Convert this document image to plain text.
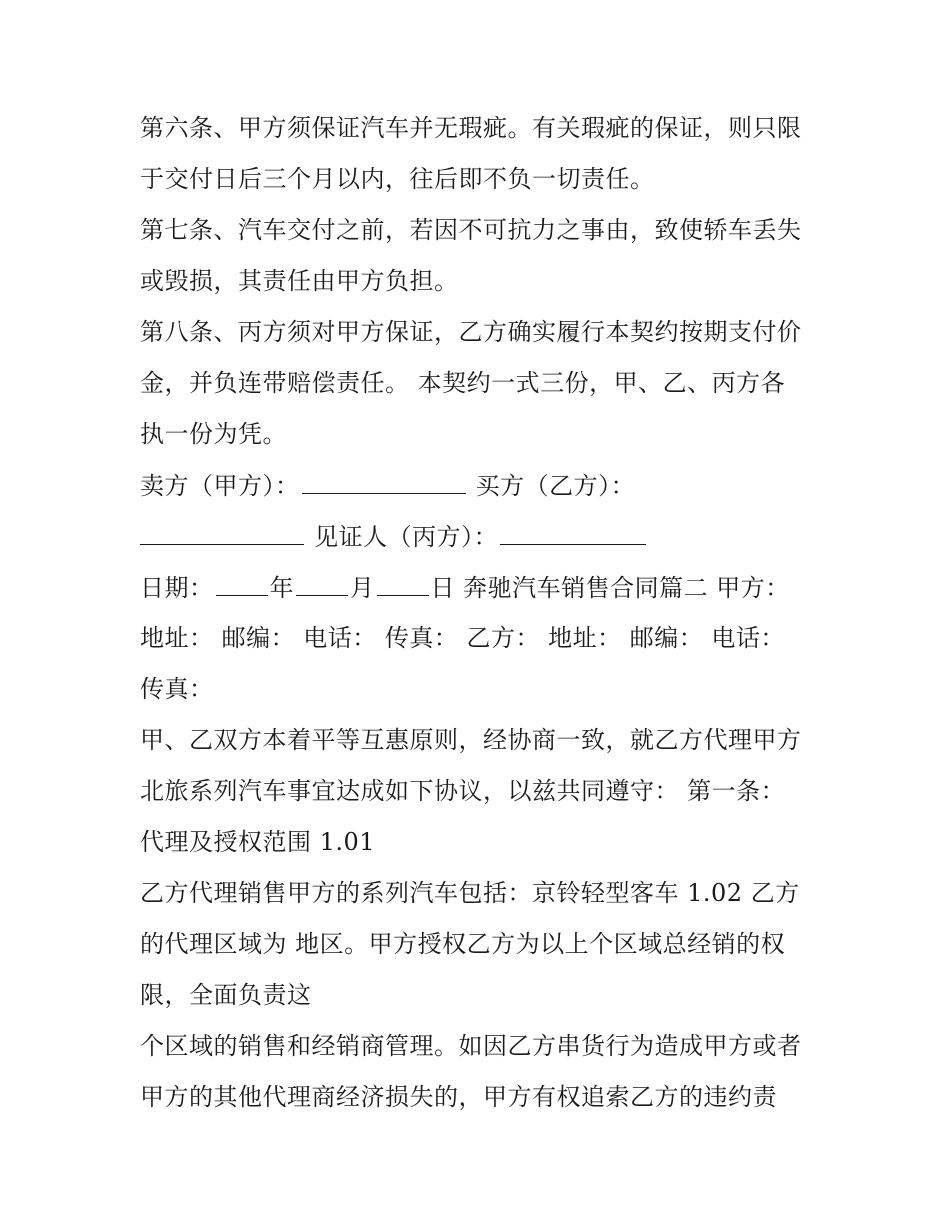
第六条、甲方须保证汽车并无瑕疵。有关瑕疵的保证，则只限
于交付日后三个月以内，往后即不负一切责任。
第七条、汽车交付之前，若因不可抗力之事由，致使轿车丢失
或毁损，其责任由甲方负担。
第八条、丙方须对甲方保证，乙方确实履行本契约按期支付价
金，并负连带赔偿责任。 本契约一式三份，甲、乙、丙方各
执一份为凭。
卖方（甲方）：	买方（乙方）：
见证人（丙方）：
日期： 年 月 日 奔驰汽车销售合同篇二 甲方：
地址： 邮编： 电话： 传真： 乙方： 地址： 邮编： 电话：
传真：
甲、乙双方本着平等互惠原则，经协商一致，就乙方代理甲方
北旅系列汽车事宜达成如下协议，以兹共同遵守： 第一条：
代理及授权范围 1.01
乙方代理销售甲方的系列汽车包括：京铃轻型客车 1.02 乙方
的代理区域为 地区。甲方授权乙方为以上个区域总经销的权
限，全面负责这
个区域的销售和经销商管理。如因乙方串货行为造成甲方或者
甲方的其他代理商经济损失的，甲方有权追索乙方的违约责
